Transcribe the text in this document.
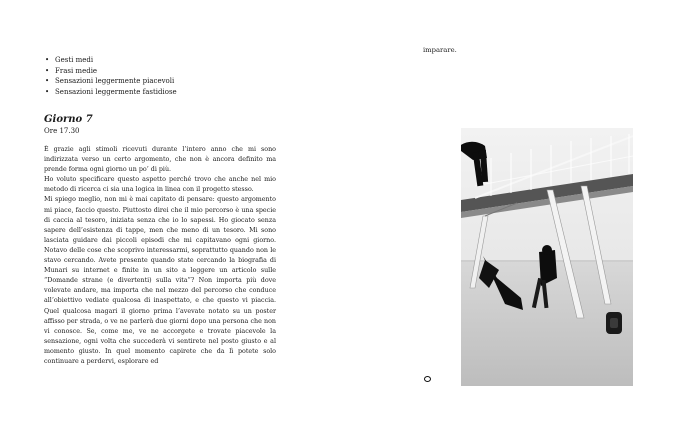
• Gesti medi
• Frasi medie
• Sensazioni leggermente piacevoli
• Sensazioni leggermente fastidiose
Giorno 7
Ore 17.30

È grazie agli stimoli ricevuti durante l’intero anno che mi sono indirizzata verso un certo argomento, che non è ancora definito ma prende forma ogni giorno un po’ di più.

Ho voluto specificare questo aspetto perché trovo che anche nel mio metodo di ricerca ci sia una logica in linea con il progetto stesso.

Mi spiego meglio, non mi è mai capitato di pensare: questo argomento mi piace, faccio questo. Piuttosto direi che il mio percorso è una specie di caccia al tesoro, iniziata senza che io lo sapessi. Ho giocato senza sapere dell’esistenza di tappe, men che meno di un tesoro. Mi sono lasciata guidare dai piccoli episodi che mi capitavano ogni giorno. Notavo delle cose che scoprivo interessarmi, soprattutto quando non le stavo cercando. Avete presente quando state cercando la biografia di Munari su internet e finite in un sito a leggere un articolo sulle “Domande strane (e divertenti) sulla vita”? Non importa più dove volevate andare, ma importa che nel mezzo del percorso che conduce all’obiettivo vediate qualcosa di inaspettato, e che questo vi piaccia. Quel qualcosa magari il giorno prima l’avevate notato su un poster affisso per strada, o ve ne parlerà due giorni dopo una persona che non vi conosce. Se, come me, ve ne accorgete e trovate piacevole la sensazione, ogni volta che succederà vi sentirete nel posto giusto e al momento giusto. In quel momento capirete che da lì potete solo continuare a perdervi, esplorare ed

imparare.
